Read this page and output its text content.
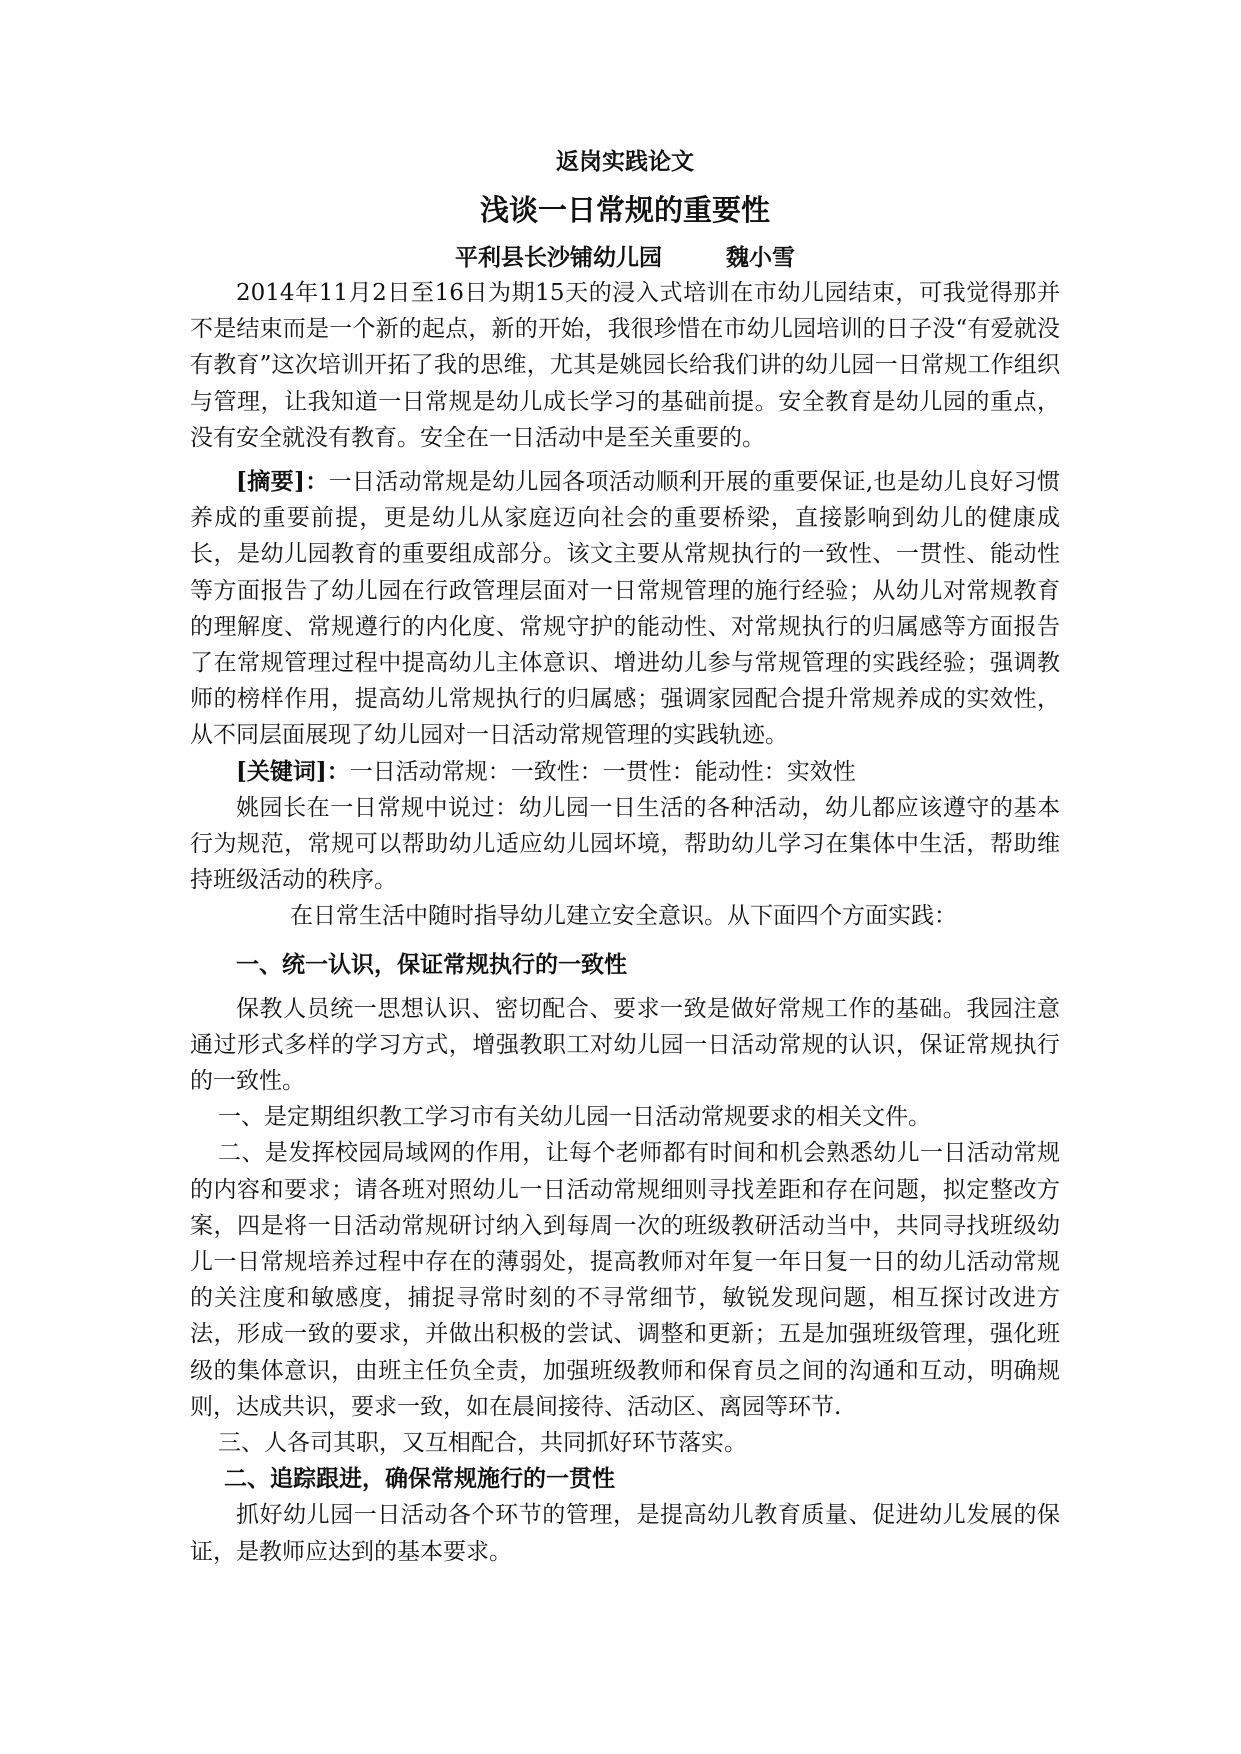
返岗实践论文
浅谈一日常规的重要性
平利县长沙铺幼儿园	魏小雪

2014年11月2日至16日为期15天的浸入式培训在市幼儿园结束，可我觉得那并不是结束而是一个新的起点，新的开始，我很珍惜在市幼儿园培训的日子没“有爱就没有教育”这次培训开拓了我的思维，尤其是姚园长给我们讲的幼儿园一日常规工作组织与管理，让我知道一日常规是幼儿成长学习的基础前提。安全教育是幼儿园的重点，没有安全就没有教育。安全在一日活动中是至关重要的。

[摘要]：一日活动常规是幼儿园各项活动顺利开展的重要保证,也是幼儿良好习惯养成的重要前提，更是幼儿从家庭迈向社会的重要桥梁，直接影响到幼儿的健康成长，是幼儿园教育的重要组成部分。该文主要从常规执行的一致性、一贯性、能动性等方面报告了幼儿园在行政管理层面对一日常规管理的施行经验；从幼儿对常规教育的理解度、常规遵行的内化度、常规守护的能动性、对常规执行的归属感等方面报告了在常规管理过程中提高幼儿主体意识、增进幼儿参与常规管理的实践经验；强调教师的榜样作用，提高幼儿常规执行的归属感；强调家园配合提升常规养成的实效性，从不同层面展现了幼儿园对一日活动常规管理的实践轨迹。

[关键词]：一日活动常规：一致性：一贯性：能动性：实效性

姚园长在一日常规中说过：幼儿园一日生活的各种活动，幼儿都应该遵守的基本行为规范，常规可以帮助幼儿适应幼儿园坏境，帮助幼儿学习在集体中生活，帮助维持班级活动的秩序。

在日常生活中随时指导幼儿建立安全意识。从下面四个方面实践：

一、统一认识，保证常规执行的一致性

保教人员统一思想认识、密切配合、要求一致是做好常规工作的基础。我园注意通过形式多样的学习方式，增强教职工对幼儿园一日活动常规的认识，保证常规执行的一致性。

一、是定期组织教工学习市有关幼儿园一日活动常规要求的相关文件。

二、是发挥校园局域网的作用，让每个老师都有时间和机会熟悉幼儿一日活动常规的内容和要求；请各班对照幼儿一日活动常规细则寻找差距和存在问题，拟定整改方案，四是将一日活动常规研讨纳入到每周一次的班级教研活动当中，共同寻找班级幼儿一日常规培养过程中存在的薄弱处，提高教师对年复一年日复一日的幼儿活动常规的关注度和敏感度，捕捉寻常时刻的不寻常细节，敏锐发现问题，相互探讨改进方法，形成一致的要求，并做出积极的尝试、调整和更新；五是加强班级管理，强化班级的集体意识，由班主任负全责，加强班级教师和保育员之间的沟通和互动，明确规则，达成共识，要求一致，如在晨间接待、活动区、离园等环节.

三、人各司其职，又互相配合，共同抓好环节落实。

二、追踪跟进，确保常规施行的一贯性

抓好幼儿园一日活动各个环节的管理，是提高幼儿教育质量、促进幼儿发展的保证，是教师应达到的基本要求。
